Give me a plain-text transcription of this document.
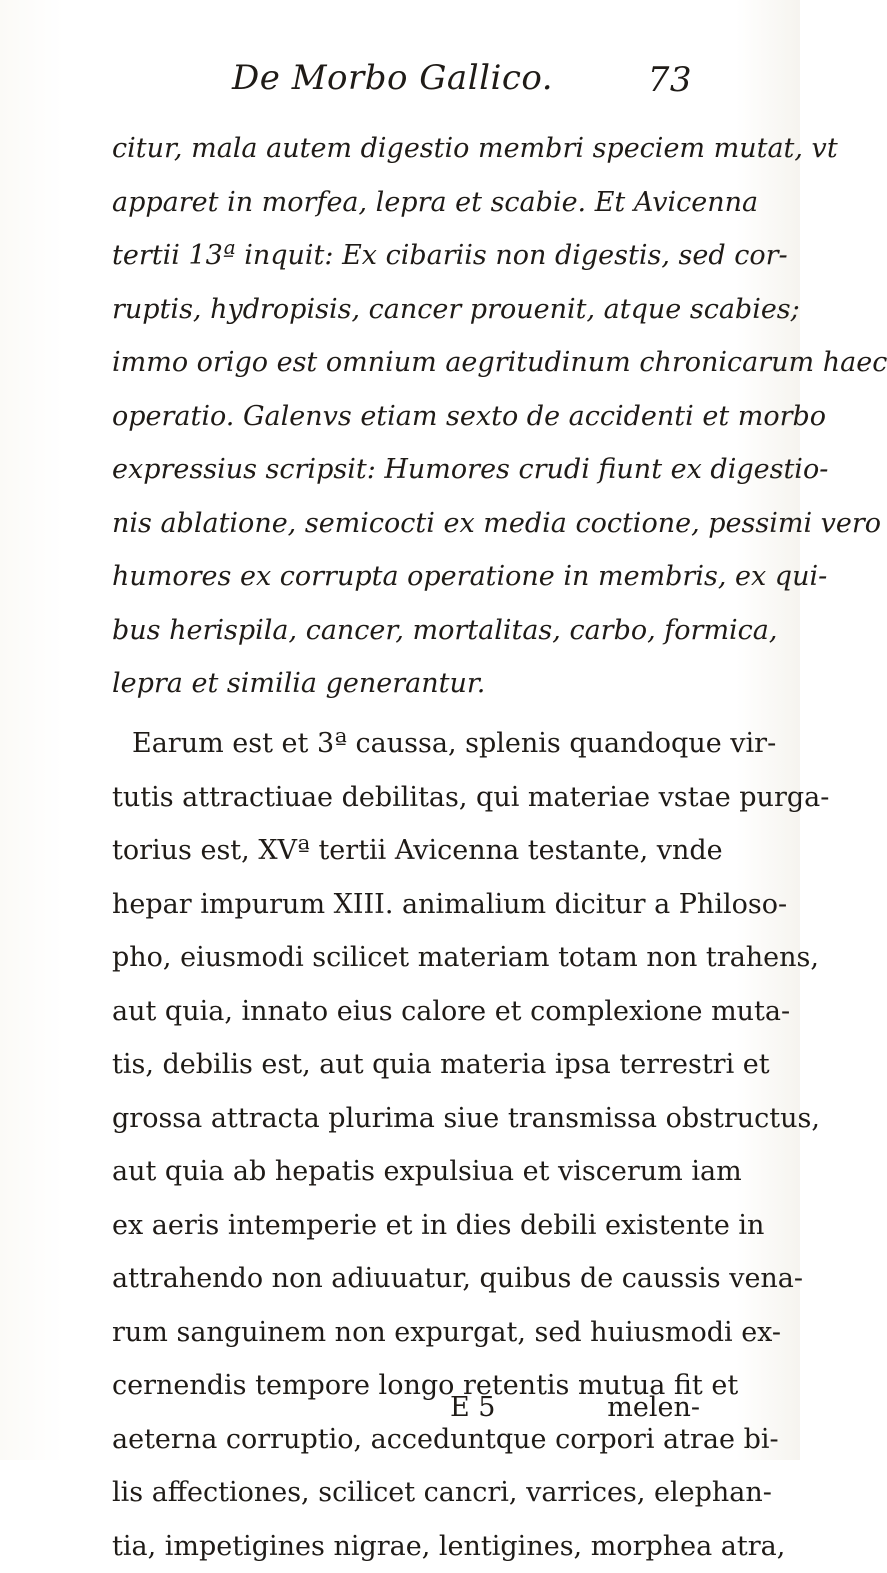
De Morbo Gallico.	73
citur, mala autem digestio membri speciem mutat, vt
apparet in morfea, lepra et scabie. Et Avicenna
tertii 13ª inquit: Ex cibariis non digestis, sed cor-
ruptis, hydropisis, cancer prouenit, atque scabies;
immo origo est omnium aegritudinum chronicarum haec
operatio. Galenvs etiam sexto de accidenti et morbo
expressius scripsit: Humores crudi fiunt ex digestio-
nis ablatione, semicocti ex media coctione, pessimi vero
humores ex corrupta operatione in membris, ex qui-
bus herispila, cancer, mortalitas, carbo, formica,
lepra et similia generantur.
Earum est et 3ª caussa, splenis quandoque vir-
tutis attractiuae debilitas, qui materiae vstae purga-
torius est, XVª tertii Avicenna testante, vnde
hepar impurum XIII. animalium dicitur a Philoso-
pho, eiusmodi scilicet materiam totam non trahens,
aut quia, innato eius calore et complexione muta-
tis, debilis est, aut quia materia ipsa terrestri et
grossa attracta plurima siue transmissa obstructus,
aut quia ab hepatis expulsiua et viscerum iam
ex aeris intemperie et in dies debili existente in
attrahendo non adiuuatur, quibus de caussis vena-
rum sanguinem non expurgat, sed huiusmodi ex-
cernendis tempore longo retentis mutua fit et
aeterna corruptio, acceduntque corpori atrae bi-
lis affectiones, scilicet cancri, varrices, elephan-
tia, impetigines nigrae, lentigines, morphea atra,
E 5	melen-
